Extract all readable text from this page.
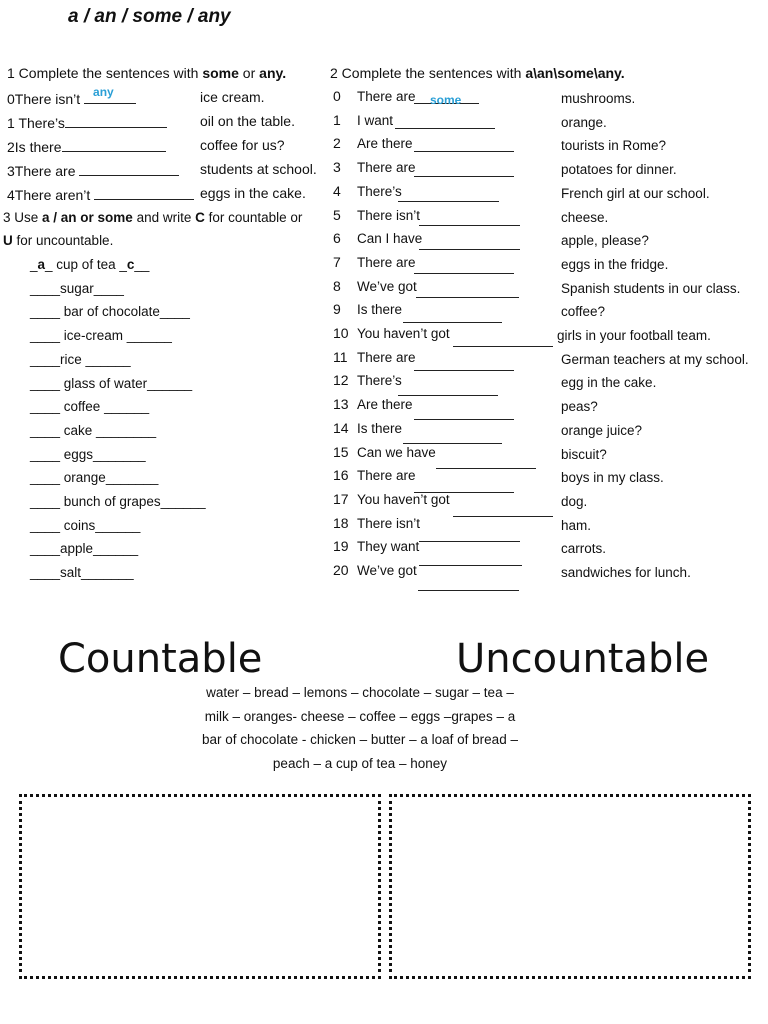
a / an / some / any
1 Complete the sentences with some or any.
0There isn’t any	ice cream.
1 There’s	oil on the table.
2Is there	coffee for us?
3There are	students at school.
4There aren’t	eggs in the cake.
3 Use a / an or some and write C for countable or
U for uncountable.
_a_ cup of tea _c__
____sugar____
____ bar of chocolate____
____ ice-cream ______
____rice ______
____ glass of water______
____ coffee ______
____ cake ________
____ eggs_______
____ orange_______
____ bunch of grapes______
____ coins______
____apple______
____salt_______
2 Complete the sentences with a\an\some\any.
0 There are	mushrooms.
1 I want	orange.
2 Are there	tourists in Rome?
3 There are	potatoes for dinner.
4 There’s	French girl at our school.
5 There isn’t	cheese.
6 Can I have	apple, please?
7 There are	eggs in the fridge.
8 We’ve got	Spanish students in our class.
9 Is there	coffee?
10 You haven’t got	girls in your football team.
11 There are	German teachers at my school.
12 There’s	egg in the cake.
13 Are there	peas?
14 Is there	orange juice?
15 Can we have	biscuit?
16 There are	boys in my class.
17 You haven’t got	dog.
18 There isn’t	ham.
19 They want	carrots.
20 We’ve got	sandwiches for lunch.
some
Countable	Uncountable
water – bread – lemons – chocolate – sugar – tea –
milk – oranges- cheese – coffee – eggs –grapes – a
bar of chocolate - chicken – butter – a loaf of bread –
peach – a cup of tea – honey
